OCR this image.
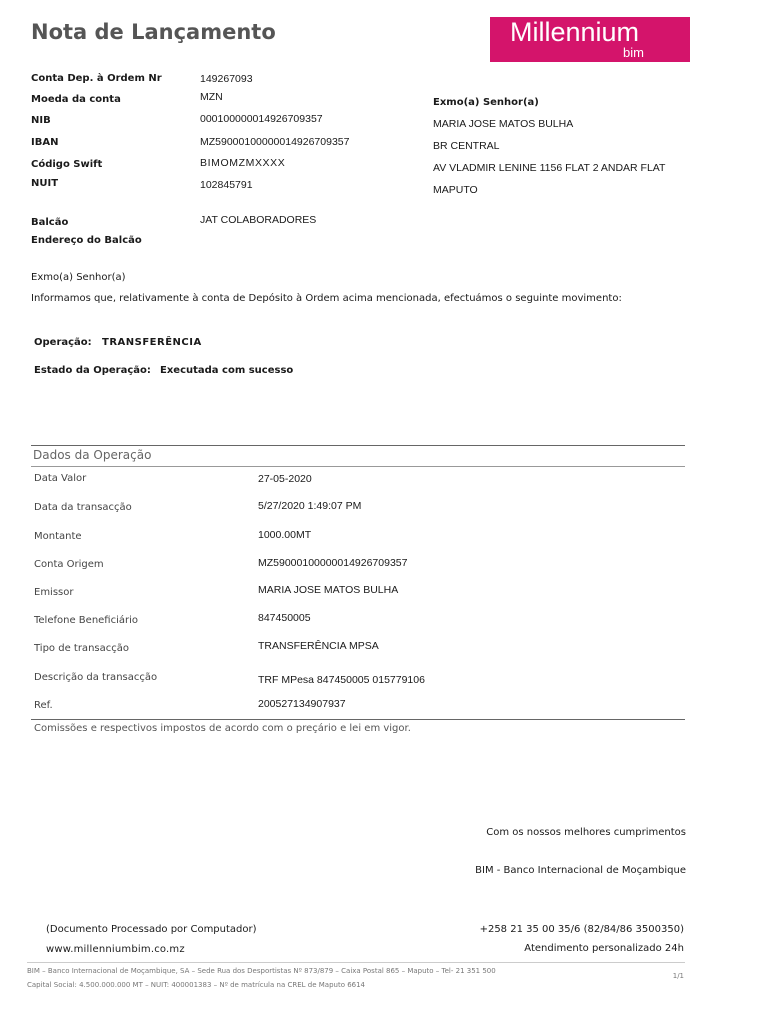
Nota de Lançamento	Millennium
bim
Conta Dep. à Ordem Nr	149267093
Moeda da conta	MZN
NIB	000100000014926709357
IBAN	MZ59000100000014926709357
Código Swift	BIMOMZMXXXX
NUIT	102845791
Balcão	JAT COLABORADORES
Endereço do Balcão
Exmo(a) Senhor(a)
MARIA JOSE MATOS BULHA
BR CENTRAL
AV VLADMIR LENINE 1156 FLAT 2 ANDAR FLAT
MAPUTO
Exmo(a) Senhor(a)
Informamos que, relativamente à conta de Depósito à Ordem acima mencionada, efectuámos o seguinte movimento:
Operação: TRANSFERÊNCIA
Estado da Operação: Executada com sucesso
Dados da Operação
Data Valor	27-05-2020
Data da transacção	5/27/2020 1:49:07 PM
Montante	1000.00MT
Conta Origem	MZ59000100000014926709357
Emissor	MARIA JOSE MATOS BULHA
Telefone Beneficiário	847450005
Tipo de transacção	TRANSFERÊNCIA MPSA
Descrição da transacção	TRF MPesa 847450005 015779106
Ref.	200527134907937
Comissões e respectivos impostos de acordo com o preçário e lei em vigor.
Com os nossos melhores cumprimentos
BIM - Banco Internacional de Moçambique
(Documento Processado por Computador)
www.millenniumbim.co.mz
+258 21 35 00 35/6 (82/84/86 3500350)
Atendimento personalizado 24h
BIM – Banco Internacional de Moçambique, SA – Sede Rua dos Desportistas Nº 873/879 – Caixa Postal 865 – Maputo – Tel- 21 351 500
Capital Social: 4.500.000.000 MT – NUIT: 400001383 – Nº de matrícula na CREL de Maputo 6614
1/1
